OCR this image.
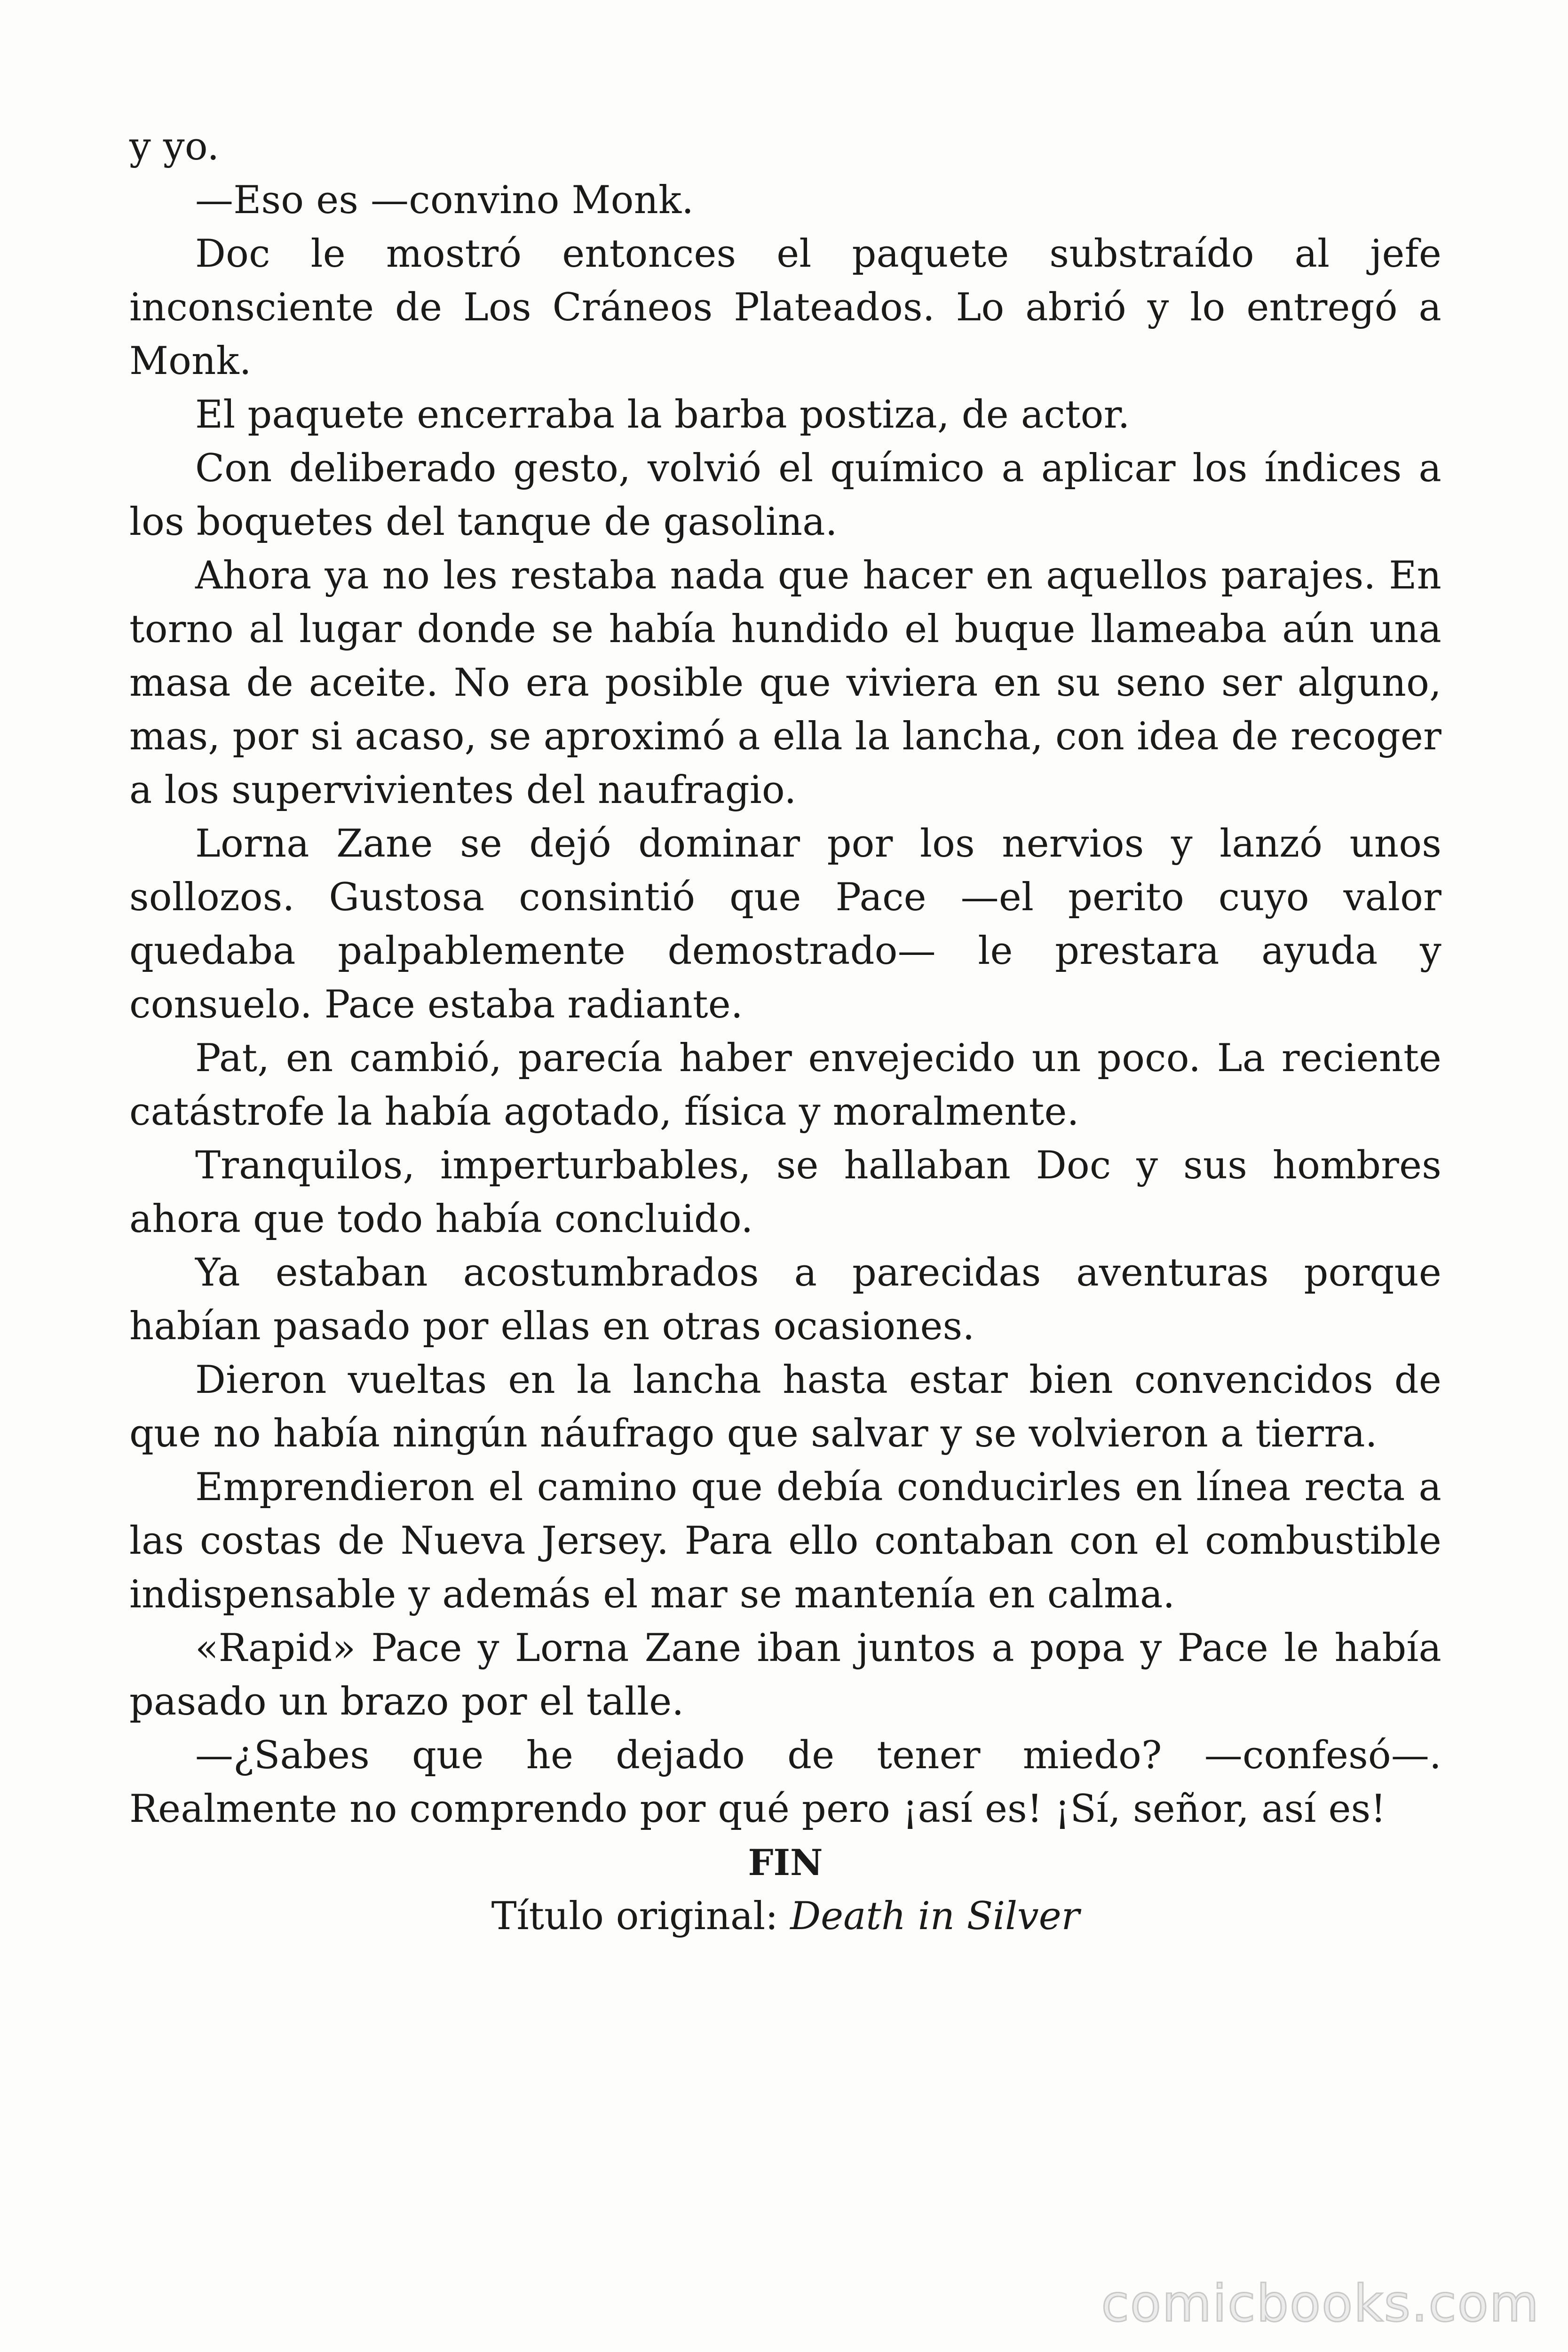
y yo.

—Eso es —convino Monk.

Doc le mostró entonces el paquete substraído al jefe inconsciente de Los Cráneos Plateados. Lo abrió y lo entregó a Monk.

El paquete encerraba la barba postiza, de actor.

Con deliberado gesto, volvió el químico a aplicar los índices a los boquetes del tanque de gasolina.

Ahora ya no les restaba nada que hacer en aquellos parajes. En torno al lugar donde se había hundido el buque llameaba aún una masa de aceite. No era posible que viviera en su seno ser alguno, mas, por si acaso, se aproximó a ella la lancha, con idea de recoger a los supervivientes del naufragio.

Lorna Zane se dejó dominar por los nervios y lanzó unos sollozos. Gustosa consintió que Pace —el perito cuyo valor quedaba palpablemente demostrado— le prestara ayuda y consuelo. Pace estaba radiante.

Pat, en cambió, parecía haber envejecido un poco. La reciente catástrofe la había agotado, física y moralmente.

Tranquilos, imperturbables, se hallaban Doc y sus hombres ahora que todo había concluido.

Ya estaban acostumbrados a parecidas aventuras porque habían pasado por ellas en otras ocasiones.

Dieron vueltas en la lancha hasta estar bien convencidos de que no había ningún náufrago que salvar y se volvieron a tierra.

Emprendieron el camino que debía conducirles en línea recta a las costas de Nueva Jersey. Para ello contaban con el combustible indispensable y además el mar se mantenía en calma.

«Rapid» Pace y Lorna Zane iban juntos a popa y Pace le había pasado un brazo por el talle.

—¿Sabes que he dejado de tener miedo? —confesó—. Realmente no comprendo por qué pero ¡así es! ¡Sí, señor, así es!

FIN

Título original: Death in Silver

comicbooks.com
